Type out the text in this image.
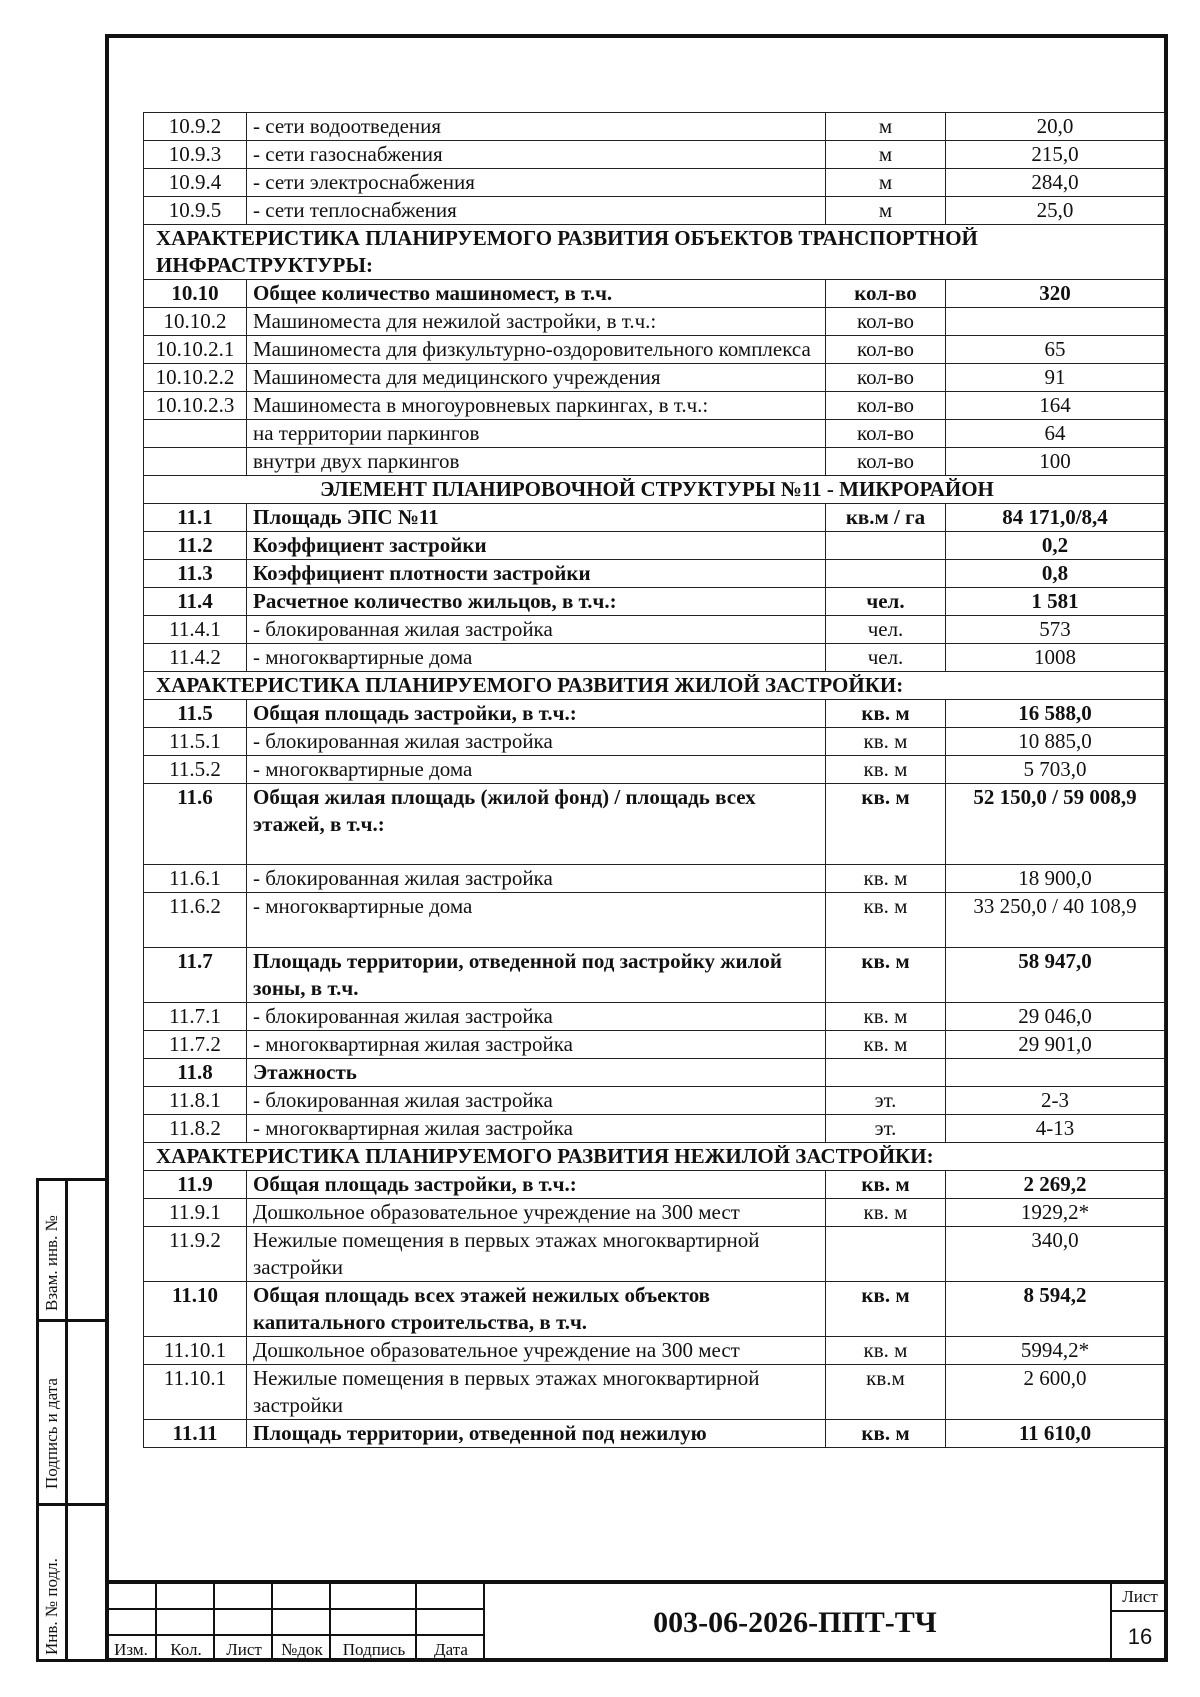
Взам. инв. №
Подпись и дата
Инв. № подл.
10.9.2	- сети водоотведения	м	20,0
10.9.3	- сети газоснабжения	м	215,0
10.9.4	- сети электроснабжения	м	284,0
10.9.5	- сети теплоснабжения	м	25,0
ХАРАКТЕРИСТИКА ПЛАНИРУЕМОГО РАЗВИТИЯ ОБЪЕКТОВ ТРАНСПОРТНОЙ ИНФРАСТРУКТУРЫ:			
10.10	Общее количество машиномест, в т.ч.	кол-во	320
10.10.2	Машиноместа для нежилой застройки, в т.ч.:	кол-во	
10.10.2.1	Машиноместа для физкультурно-оздоровительного комплекса	кол-во	65
10.10.2.2	Машиноместа для медицинского учреждения	кол-во	91
10.10.2.3	Машиноместа в многоуровневых паркингах, в т.ч.:	кол-во	164
	на территории паркингов	кол-во	64
	внутри двух паркингов	кол-во	100
ЭЛЕМЕНТ ПЛАНИРОВОЧНОЙ СТРУКТУРЫ №11 - МИКРОРАЙОН			
11.1	Площадь ЭПС №11	кв.м / га	84 171,0/8,4
11.2	Коэффициент застройки		0,2
11.3	Коэффициент плотности застройки		0,8
11.4	Расчетное количество жильцов, в т.ч.:	чел.	1 581
11.4.1	- блокированная жилая застройка	чел.	573
11.4.2	- многоквартирные дома	чел.	1008
ХАРАКТЕРИСТИКА ПЛАНИРУЕМОГО РАЗВИТИЯ ЖИЛОЙ ЗАСТРОЙКИ:			
11.5	Общая площадь застройки, в т.ч.:	кв. м	16 588,0
11.5.1	- блокированная жилая застройка	кв. м	10 885,0
11.5.2	- многоквартирные дома	кв. м	5 703,0
11.6	Общая жилая площадь (жилой фонд) / площадь всех этажей, в т.ч.:	кв. м	52 150,0 / 59 008,9
11.6.1	- блокированная жилая застройка	кв. м	18 900,0
11.6.2	- многоквартирные дома	кв. м	33 250,0 / 40 108,9
11.7	Площадь территории, отведенной под застройку жилой зоны, в т.ч.	кв. м	58 947,0
11.7.1	- блокированная жилая застройка	кв. м	29 046,0
11.7.2	- многоквартирная жилая застройка	кв. м	29 901,0
11.8	Этажность		
11.8.1	- блокированная жилая застройка	эт.	2-3
11.8.2	- многоквартирная жилая застройка	эт.	4-13
ХАРАКТЕРИСТИКА ПЛАНИРУЕМОГО РАЗВИТИЯ НЕЖИЛОЙ ЗАСТРОЙКИ:			
11.9	Общая площадь застройки, в т.ч.:	кв. м	2 269,2
11.9.1	Дошкольное образовательное учреждение на 300 мест	кв. м	1929,2*
11.9.2	Нежилые помещения в первых этажах многоквартирной застройки		340,0
11.10	Общая площадь всех этажей нежилых объектов капитального строительства, в т.ч.	кв. м	8 594,2
11.10.1	Дошкольное образовательное учреждение на 300 мест	кв. м	5994,2*
11.10.1	Нежилые помещения в первых этажах многоквартирной застройки	кв.м	2 600,0
11.11	Площадь территории, отведенной под нежилую	кв. м	11 610,0
Изм.	Кол.	Лист	№док	Подпись	Дата
003-06-2026-ППТ-ТЧ
Лист
16
